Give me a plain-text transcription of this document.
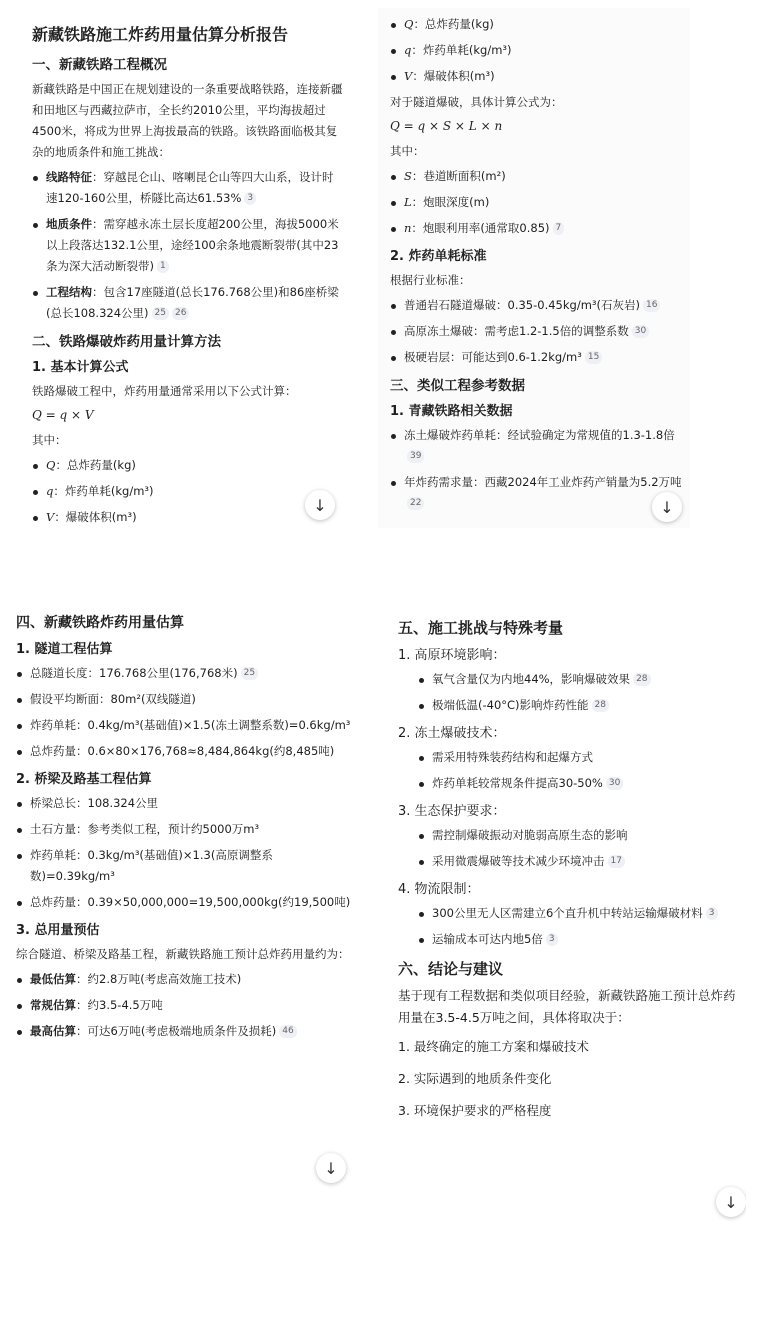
新藏铁路施工炸药用量估算分析报告
一、新藏铁路工程概况
新藏铁路是中国正在规划建设的一条重要战略铁路，连接新疆和田地区与西藏拉萨市，全长约2010公里，平均海拔超过4500米，将成为世界上海拔最高的铁路。该铁路面临极其复杂的地质条件和施工挑战：
线路特征：穿越昆仑山、喀喇昆仑山等四大山系，设计时速120-160公里，桥隧比高达61.53% 3
地质条件：需穿越永冻土层长度超200公里，海拔5000米以上段落达132.1公里，途经100余条地震断裂带(其中23条为深大活动断裂带) 1
工程结构：包含17座隧道(总长176.768公里)和86座桥梁(总长108.324公里) 25 26
二、铁路爆破炸药用量计算方法
1. 基本计算公式
铁路爆破工程中，炸药用量通常采用以下公式计算：
Q = q × V
其中：
Q：总炸药量(kg)
q：炸药单耗(kg/m³)
V：爆破体积(m³)
↓
Q：总炸药量(kg)
q：炸药单耗(kg/m³)
V：爆破体积(m³)
对于隧道爆破，具体计算公式为：
Q = q × S × L × n
其中：
S：巷道断面积(m²)
L：炮眼深度(m)
n：炮眼利用率(通常取0.85) 7
2. 炸药单耗标准
根据行业标准：
普通岩石隧道爆破：0.35-0.45kg/m³(石灰岩) 16
高原冻土爆破：需考虑1.2-1.5倍的调整系数 30
极硬岩层：可能达到0.6-1.2kg/m³ 15
三、类似工程参考数据
1. 青藏铁路相关数据
冻土爆破炸药单耗：经试验确定为常规值的1.3-1.8倍39
年炸药需求量：西藏2024年工业炸药产销量为5.2万吨22	↓
四、新藏铁路炸药用量估算
1. 隧道工程估算
总隧道长度：176.768公里(176,768米) 25
假设平均断面：80m²(双线隧道)
炸药单耗：0.4kg/m³(基础值)×1.5(冻土调整系数)=0.6kg/m³
总炸药量：0.6×80×176,768≈8,484,864kg(约8,485吨)
2. 桥梁及路基工程估算
桥梁总长：108.324公里
土石方量：参考类似工程，预计约5000万m³
炸药单耗：0.3kg/m³(基础值)×1.3(高原调整系数)=0.39kg/m³
总炸药量：0.39×50,000,000=19,500,000kg(约19,500吨)
3. 总用量预估
综合隧道、桥梁及路基工程，新藏铁路施工预计总炸药用量约为：
最低估算：约2.8万吨(考虑高效施工技术)
常规估算：约3.5-4.5万吨
最高估算：可达6万吨(考虑极端地质条件及损耗) 46
↓
五、施工挑战与特殊考量
1. 高原环境影响：
氧气含量仅为内地44%，影响爆破效果 28
极端低温(-40°C)影响炸药性能 28
2. 冻土爆破技术：
需采用特殊装药结构和起爆方式
炸药单耗较常规条件提高30-50% 30
3. 生态保护要求：
需控制爆破振动对脆弱高原生态的影响
采用微震爆破等技术减少环境冲击 17
4. 物流限制：
300公里无人区需建立6个直升机中转站运输爆破材料 3
运输成本可达内地5倍 3
六、结论与建议
基于现有工程数据和类似项目经验，新藏铁路施工预计总炸药用量在3.5-4.5万吨之间，具体将取决于：
1. 最终确定的施工方案和爆破技术
2. 实际遇到的地质条件变化
3. 环境保护要求的严格程度
↓
